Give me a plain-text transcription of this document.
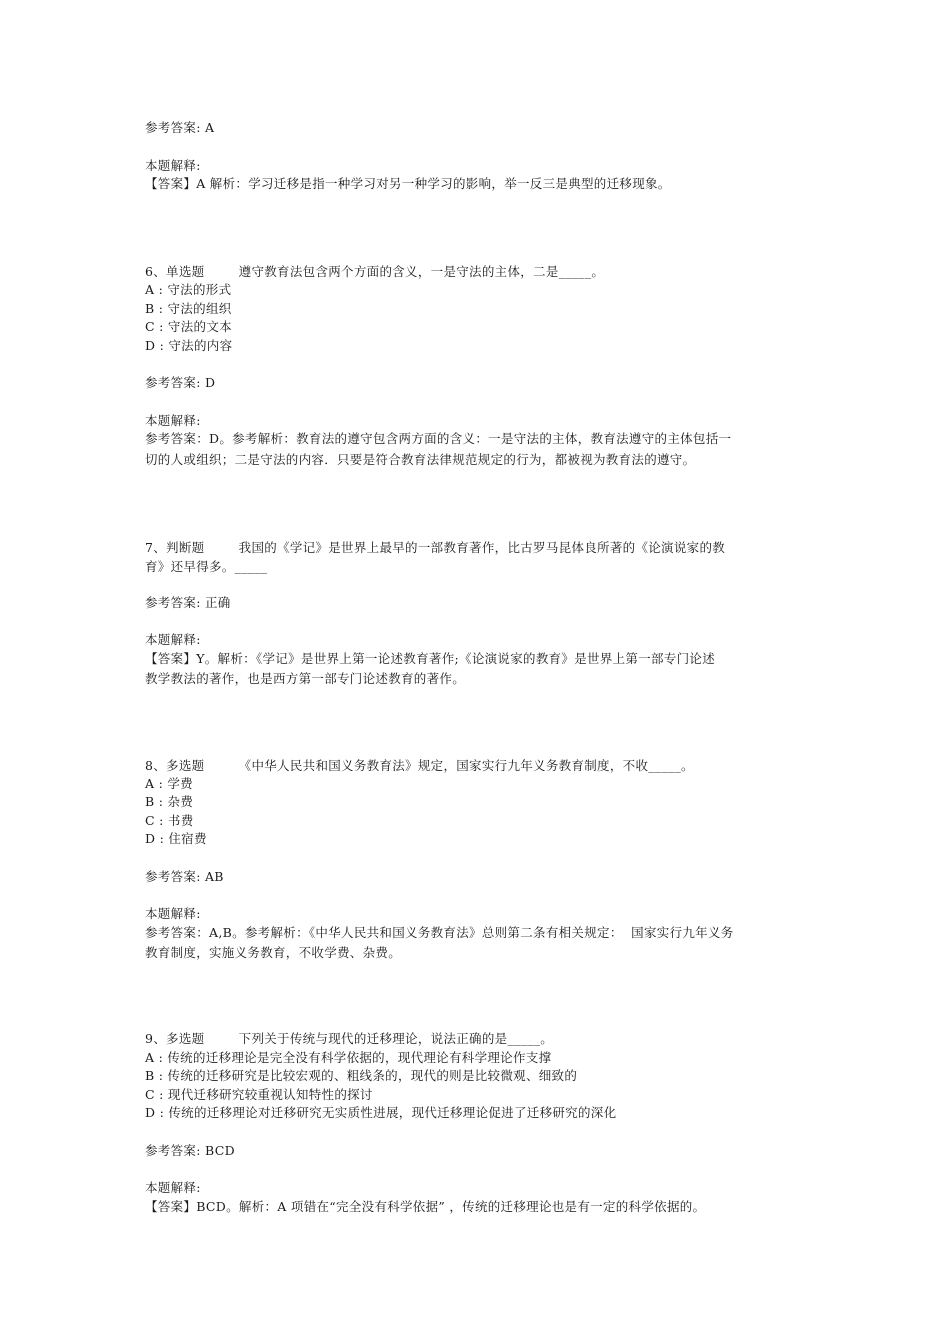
参考答案: A
本题解释:
【答案】A 解析：学习迁移是指一种学习对另一种学习的影响，举一反三是典型的迁移现象。
6、单选题        遵守教育法包含两个方面的含义，一是守法的主体，二是_____。
A : 守法的形式
B : 守法的组织
C : 守法的文本
D : 守法的内容
参考答案: D
本题解释:
参考答案：D。参考解析：教育法的遵守包含两方面的含义：一是守法的主体，教育法遵守的主体包括一
切的人或组织；二是守法的内容．只要是符合教育法律规范规定的行为，都被视为教育法的遵守。
7、判断题        我国的《学记》是世界上最早的一部教育著作，比古罗马昆体良所著的《论演说家的教
育》还早得多。_____
参考答案: 正确
本题解释:
【答案】Y。解析：《学记》是世界上第一论述教育著作;《论演说家的教育》是世界上第一部专门论述
教学教法的著作，也是西方第一部专门论述教育的著作。
8、多选题        《中华人民共和国义务教育法》规定，国家实行九年义务教育制度，不收_____。
A : 学费
B : 杂费
C : 书费
D : 住宿费
参考答案: AB
本题解释:
参考答案：A,B。参考解析：《中华人民共和国义务教育法》总则第二条有相关规定：  国家实行九年义务
教育制度，实施义务教育，不收学费、杂费。
9、多选题        下列关于传统与现代的迁移理论，说法正确的是_____。
A : 传统的迁移理论是完全没有科学依据的，现代理论有科学理论作支撑
B : 传统的迁移研究是比较宏观的、粗线条的，现代的则是比较微观、细致的
C : 现代迁移研究较重视认知特性的探讨
D : 传统的迁移理论对迁移研究无实质性进展，现代迁移理论促进了迁移研究的深化
参考答案: BCD
本题解释:
【答案】BCD。解析：A 项错在“完全没有科学依据” ，传统的迁移理论也是有一定的科学依据的。
